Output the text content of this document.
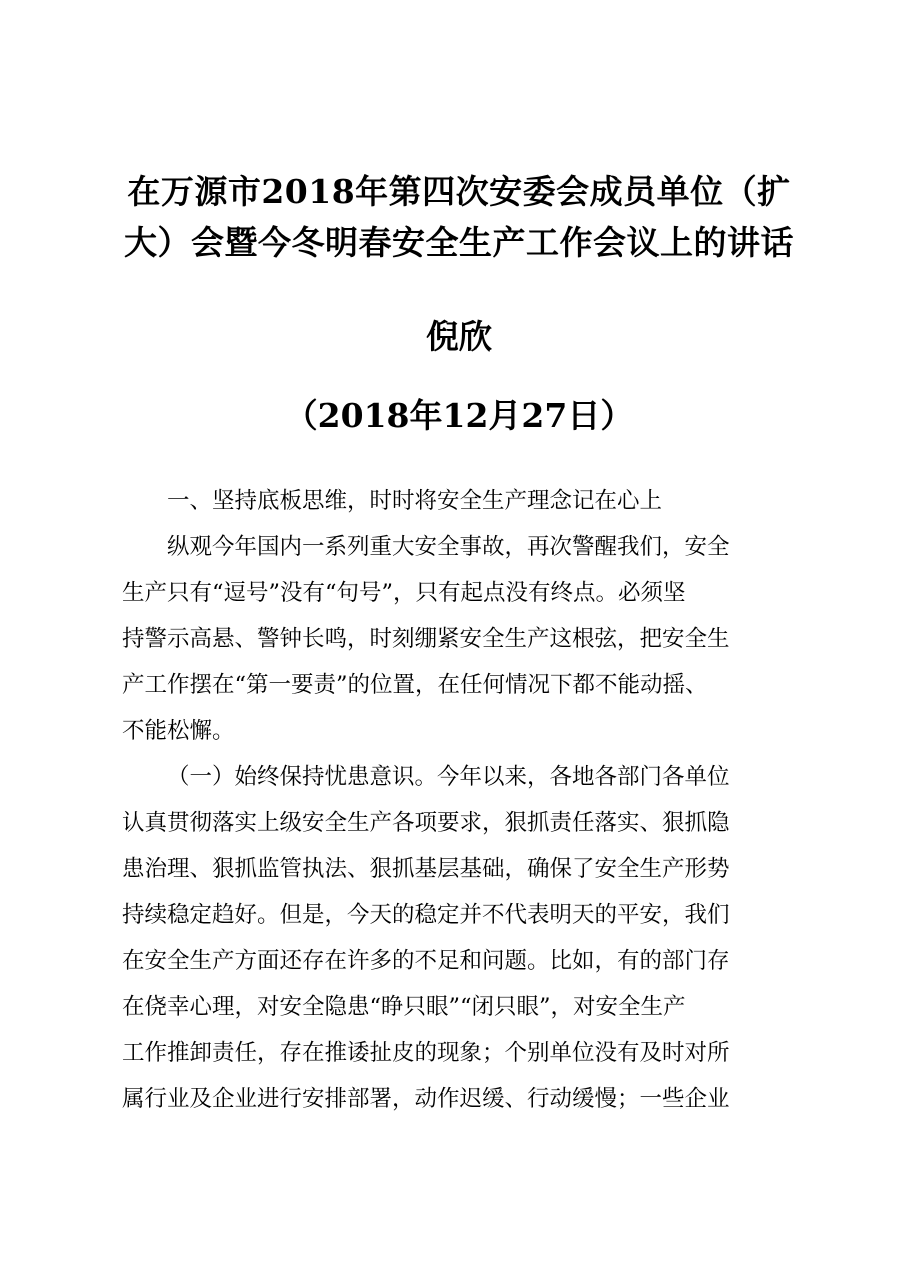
在万源市2018年第四次安委会成员单位（扩
大）会暨今冬明春安全生产工作会议上的讲话
倪欣
（2018年12月27日）

一、坚持底板思维，时时将安全生产理念记在心上

纵观今年国内一系列重大安全事故，再次警醒我们，安全
生产只有“逗号”没有“句号”，只有起点没有终点。必须坚
持警示高悬、警钟长鸣，时刻绷紧安全生产这根弦，把安全生
产工作摆在“第一要责”的位置，在任何情况下都不能动摇、
不能松懈。

（一）始终保持忧患意识。今年以来，各地各部门各单位
认真贯彻落实上级安全生产各项要求，狠抓责任落实、狠抓隐
患治理、狠抓监管执法、狠抓基层基础，确保了安全生产形势
持续稳定趋好。但是，今天的稳定并不代表明天的平安，我们
在安全生产方面还存在许多的不足和问题。比如，有的部门存
在侥幸心理，对安全隐患“睁只眼”“闭只眼”，对安全生产
工作推卸责任，存在推诿扯皮的现象；个别单位没有及时对所
属行业及企业进行安排部署，动作迟缓、行动缓慢；一些企业
